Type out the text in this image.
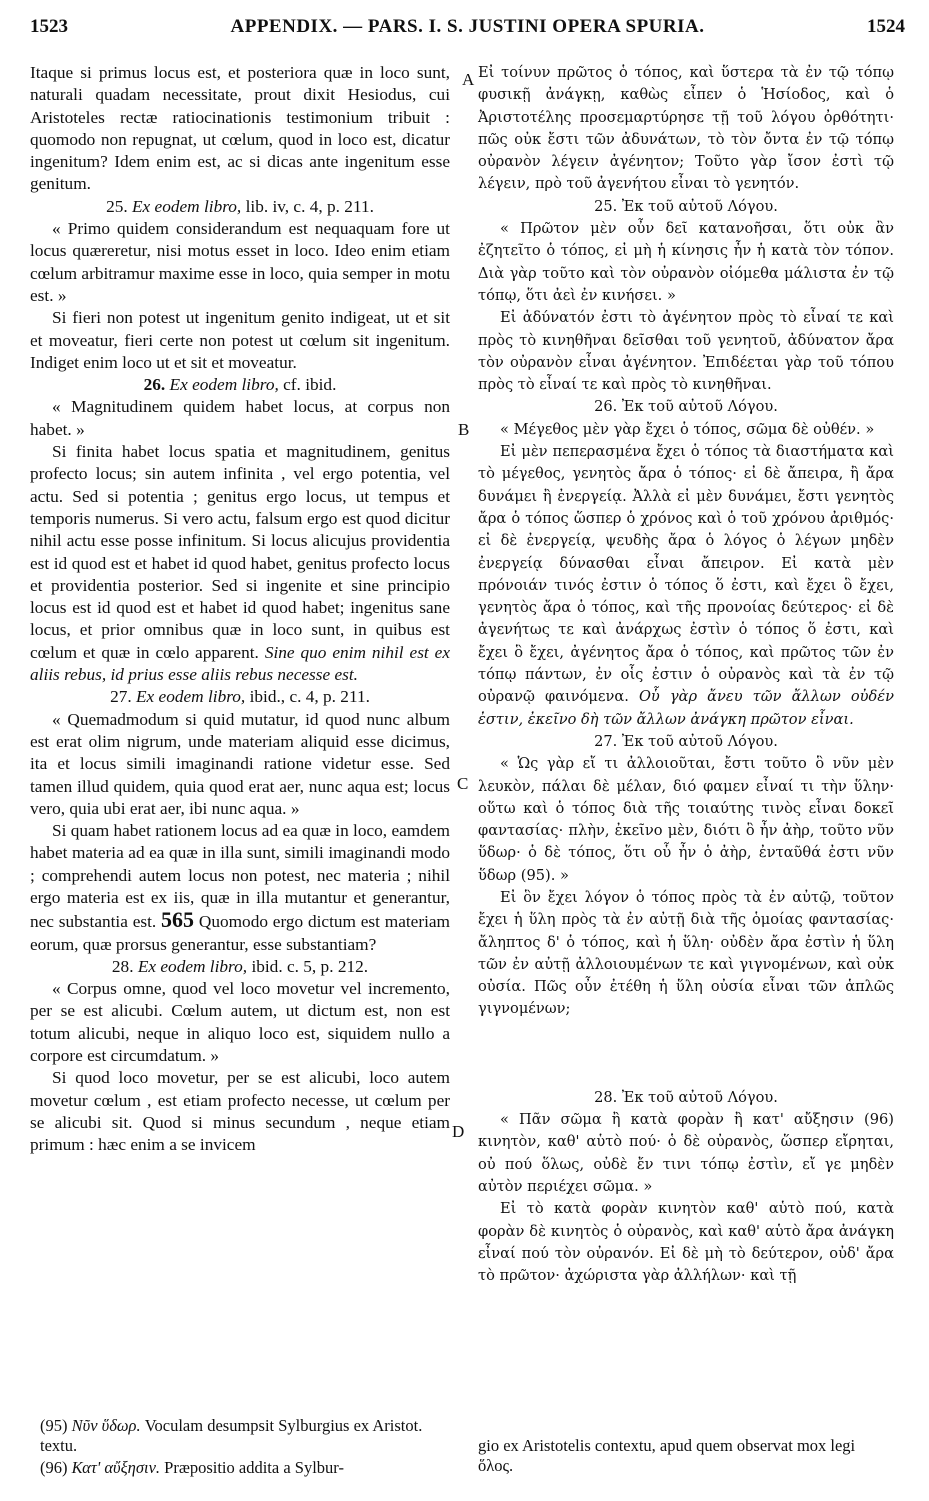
1523	APPENDIX. — PARS. I. S. JUSTINI OPERA SPURIA.	1524
A
B
C
D

Itaque si primus locus est, et posteriora quæ in loco sunt, naturali quadam necessitate, prout dixit Hesiodus, cui Aristoteles rectæ ratiocinationis testimonium tribuit : quomodo non repugnat, ut cœlum, quod in loco est, dicatur ingenitum? Idem enim est, ac si dicas ante ingenitum esse genitum.

25. Ex eodem libro, lib. iv, c. 4, p. 211.

« Primo quidem considerandum est nequaquam fore ut locus quæreretur, nisi motus esset in loco. Ideo enim etiam cœlum arbitramur maxime esse in loco, quia semper in motu est. »

Si fieri non potest ut ingenitum genito indigeat, ut et sit et moveatur, fieri certe non potest ut cœlum sit ingenitum. Indiget enim loco ut et sit et moveatur.

26. Ex eodem libro, cf. ibid.

« Magnitudinem quidem habet locus, at corpus non habet. »

Si finita habet locus spatia et magnitudinem, genitus profecto locus; sin autem infinita , vel ergo potentia, vel actu. Sed si potentia ; genitus ergo locus, ut tempus et temporis numerus. Si vero actu, falsum ergo est quod dicitur nihil actu esse posse infinitum. Si locus alicujus providentia est id quod est et habet id quod habet, genitus profecto locus et providentia posterior. Sed si ingenite et sine principio locus est id quod est et habet id quod habet; ingenitus sane locus, et prior omnibus quæ in loco sunt, in quibus est cœlum et quæ in cœlo apparent. Sine quo enim nihil est ex aliis rebus, id prius esse aliis rebus necesse est.

27. Ex eodem libro, ibid., c. 4, p. 211.

« Quemadmodum si quid mutatur, id quod nunc album est erat olim nigrum, unde materiam aliquid esse dicimus, ita et locus simili imaginandi ratione videtur esse. Sed tamen illud quidem, quia quod erat aer, nunc aqua est; locus vero, quia ubi erat aer, ibi nunc aqua. »

Si quam habet rationem locus ad ea quæ in loco, eamdem habet materia ad ea quæ in illa sunt, simili imaginandi modo ; comprehendi autem locus non potest, nec materia ; nihil ergo materia est ex iis, quæ in illa mutantur et generantur, nec substantia est. 565 Quomodo ergo dictum est materiam eorum, quæ prorsus generantur, esse substantiam?

28. Ex eodem libro, ibid. c. 5, p. 212.

« Corpus omne, quod vel loco movetur vel incremento, per se est alicubi. Cœlum autem, ut dictum est, non est totum alicubi, neque in aliquo loco est, siquidem nullo a corpore est circumdatum. »

Si quod loco movetur, per se est alicubi, loco autem movetur cœlum , est etiam profecto necesse, ut cœlum per se alicubi sit. Quod si minus secundum , neque etiam primum : hæc enim a se invicem

(95) Νῦν ὕδωρ. Voculam desumpsit Sylburgius ex Aristot. textu.
(96) Κατ' αὔξησιν. Præpositio addita a Sylbur-

Εἰ τοίνυν πρῶτος ὁ τόπος, καὶ ὕστερα τὰ ἐν τῷ τόπῳ φυσικῇ ἀνάγκῃ, καθὼς εἶπεν ὁ Ἡσίοδος, καὶ ὁ Ἀριστοτέλης προσεμαρτύρησε τῇ τοῦ λόγου ὀρθότητι· πῶς οὐκ ἔστι τῶν ἀδυνάτων, τὸ τὸν ὄντα ἐν τῷ τόπῳ οὐρανὸν λέγειν ἀγένητον; Τοῦτο γὰρ ἴσον ἐστὶ τῷ λέγειν, πρὸ τοῦ ἀγενήτου εἶναι τὸ γενητόν.

25. Ἐκ τοῦ αὐτοῦ Λόγου.

« Πρῶτον μὲν οὖν δεῖ κατανοῆσαι, ὅτι οὐκ ἂν ἐζητεῖτο ὁ τόπος, εἰ μὴ ἡ κίνησις ἦν ἡ κατὰ τὸν τόπον. Διὰ γὰρ τοῦτο καὶ τὸν οὐρανὸν οἰόμεθα μάλιστα ἐν τῷ τόπῳ, ὅτι ἀεὶ ἐν κινήσει. »

Εἰ ἀδύνατόν ἐστι τὸ ἀγένητον πρὸς τὸ εἶναί τε καὶ πρὸς τὸ κινηθῆναι δεῖσθαι τοῦ γενητοῦ, ἀδύνατον ἄρα τὸν οὐρανὸν εἶναι ἀγένητον. Ἐπιδέεται γὰρ τοῦ τόπου πρὸς τὸ εἶναί τε καὶ πρὸς τὸ κινηθῆναι.

26. Ἐκ τοῦ αὐτοῦ Λόγου.

« Μέγεθος μὲν γὰρ ἔχει ὁ τόπος, σῶμα δὲ οὐθέν. »

Εἰ μὲν πεπερασμένα ἔχει ὁ τόπος τὰ διαστήματα καὶ τὸ μέγεθος, γενητὸς ἄρα ὁ τόπος· εἰ δὲ ἄπειρα, ἢ ἄρα δυνάμει ἢ ἐνεργείᾳ. Ἀλλὰ εἰ μὲν δυνάμει, ἔστι γενητὸς ἄρα ὁ τόπος ὥσπερ ὁ χρόνος καὶ ὁ τοῦ χρόνου ἀριθμός· εἰ δὲ ἐνεργείᾳ, ψευδὴς ἄρα ὁ λόγος ὁ λέγων μηδὲν ἐνεργείᾳ δύνασθαι εἶναι ἄπειρον. Εἰ κατὰ μὲν πρόνοιάν τινός ἐστιν ὁ τόπος ὅ ἐστι, καὶ ἔχει ὃ ἔχει, γενητὸς ἄρα ὁ τόπος, καὶ τῆς προνοίας δεύτερος· εἰ δὲ ἀγενήτως τε καὶ ἀνάρχως ἐστὶν ὁ τόπος ὅ ἐστι, καὶ ἔχει ὃ ἔχει, ἀγένητος ἄρα ὁ τόπος, καὶ πρῶτος τῶν ἐν τόπῳ πάντων, ἐν οἷς ἐστιν ὁ οὐρανὸς καὶ τὰ ἐν τῷ οὐρανῷ φαινόμενα. Οὗ γὰρ ἄνευ τῶν ἄλλων οὐδέν ἐστιν, ἐκεῖνο δὴ τῶν ἄλλων ἀνάγκη πρῶτον εἶναι.

27. Ἐκ τοῦ αὐτοῦ Λόγου.

« Ὡς γὰρ εἴ τι ἀλλοιοῦται, ἔστι τοῦτο ὃ νῦν μὲν λευκὸν, πάλαι δὲ μέλαν, διό φαμεν εἶναί τι τὴν ὕλην· οὕτω καὶ ὁ τόπος διὰ τῆς τοιαύτης τινὸς εἶναι δοκεῖ φαντασίας· πλὴν, ἐκεῖνο μὲν, διότι ὃ ἦν ἀὴρ, τοῦτο νῦν ὕδωρ· ὁ δὲ τόπος, ὅτι οὗ ἦν ὁ ἀὴρ, ἐνταῦθά ἐστι νῦν ὕδωρ (95). »

Εἰ ὃν ἔχει λόγον ὁ τόπος πρὸς τὰ ἐν αὐτῷ, τοῦτον ἔχει ἡ ὕλη πρὸς τὰ ἐν αὐτῇ διὰ τῆς ὁμοίας φαντασίας· ἄληπτος δ' ὁ τόπος, καὶ ἡ ὕλη· οὐδὲν ἄρα ἐστὶν ἡ ὕλη τῶν ἐν αὐτῇ ἀλλοιουμένων τε καὶ γιγνομένων, καὶ οὐκ οὐσία. Πῶς οὖν ἐτέθη ἡ ὕλη οὐσία εἶναι τῶν ἁπλῶς γιγνομένων;

28. Ἐκ τοῦ αὐτοῦ Λόγου.

« Πᾶν σῶμα ἢ κατὰ φορὰν ἢ κατ' αὔξησιν (96) κινητὸν, καθ' αὑτὸ πού· ὁ δὲ οὐρανὸς, ὥσπερ εἴρηται, οὐ πού ὅλως, οὐδὲ ἔν τινι τόπῳ ἐστὶν, εἴ γε μηδὲν αὐτὸν περιέχει σῶμα. »

Εἰ τὸ κατὰ φορὰν κινητὸν καθ' αὑτὸ πού, κατὰ φορὰν δὲ κινητὸς ὁ οὐρανὸς, καὶ καθ' αὑτὸ ἄρα ἀνάγκη εἶναί πού τὸν οὐρανόν. Εἰ δὲ μὴ τὸ δεύτερον, οὐδ' ἄρα τὸ πρῶτον· ἀχώριστα γὰρ ἀλλήλων· καὶ τῇ

gio ex Aristotelis contextu, apud quem observat mox legi ὅλος.
